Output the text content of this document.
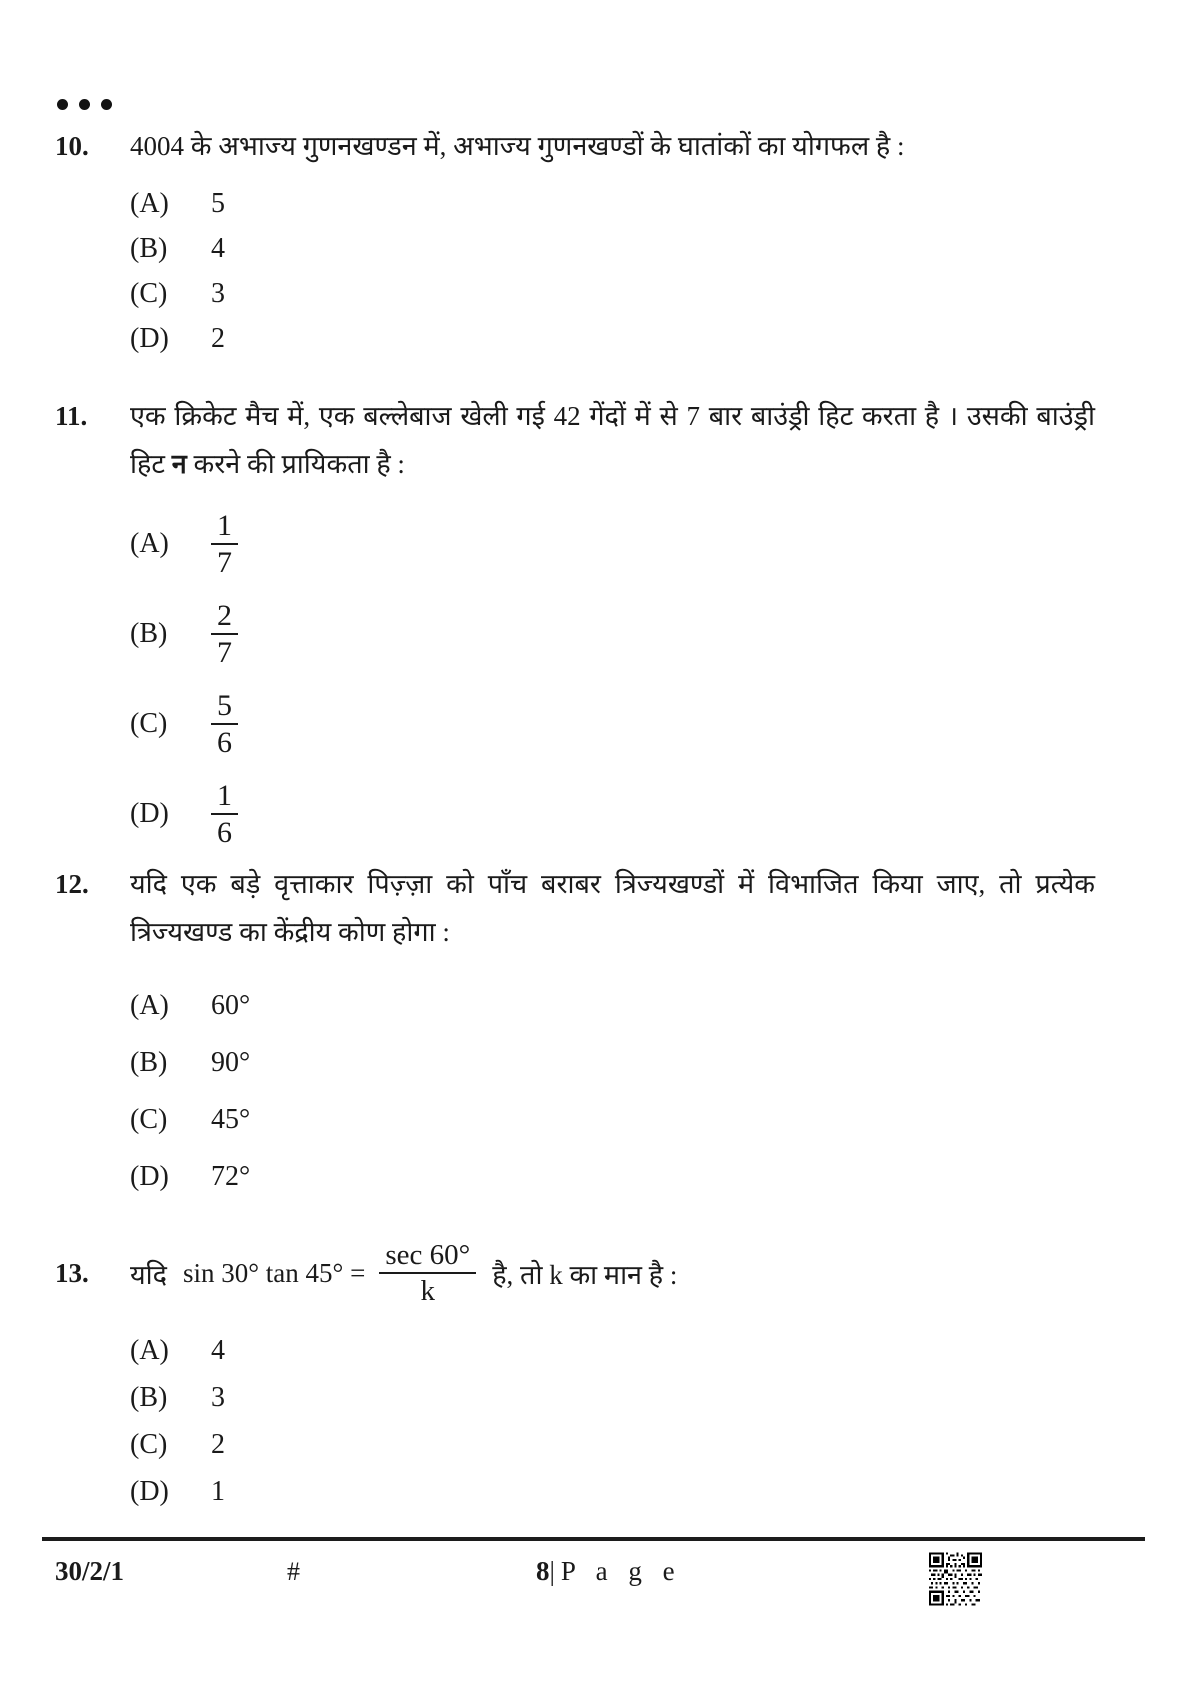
10.	4004 के अभाज्य गुणनखण्डन में, अभाज्य गुणनखण्डों के घातांकों का योगफल है :
(A)	5
(B)	4
(C)	3
(D)	2
11.	एक क्रिकेट मैच में, एक बल्लेबाज खेली गई 42 गेंदों में से 7 बार बाउंड्री हिट करता है । उसकी बाउंड्री
हिट न करने की प्रायिकता है :
(A)	$\frac{1}{7}$
(B)	$\frac{2}{7}$
(C)	$\frac{5}{6}$
(D)	$\frac{1}{6}$
12.	यदि एक बड़े वृत्ताकार पिज़्ज़ा को पाँच बराबर त्रिज्यखण्डों में विभाजित किया जाए, तो प्रत्येक
त्रिज्यखण्ड का केंद्रीय कोण होगा :
(A)	60°
(B)	90°
(C)	45°
(D)	72°
13.	यदि sin 30° $\tan 45^\circ = \frac{\sec 60^\circ}{k}$ है, तो k का मान है :
(A)	4
(B)	3
(C)	2
(D)	1
30/2/1	#	8| P a g e
